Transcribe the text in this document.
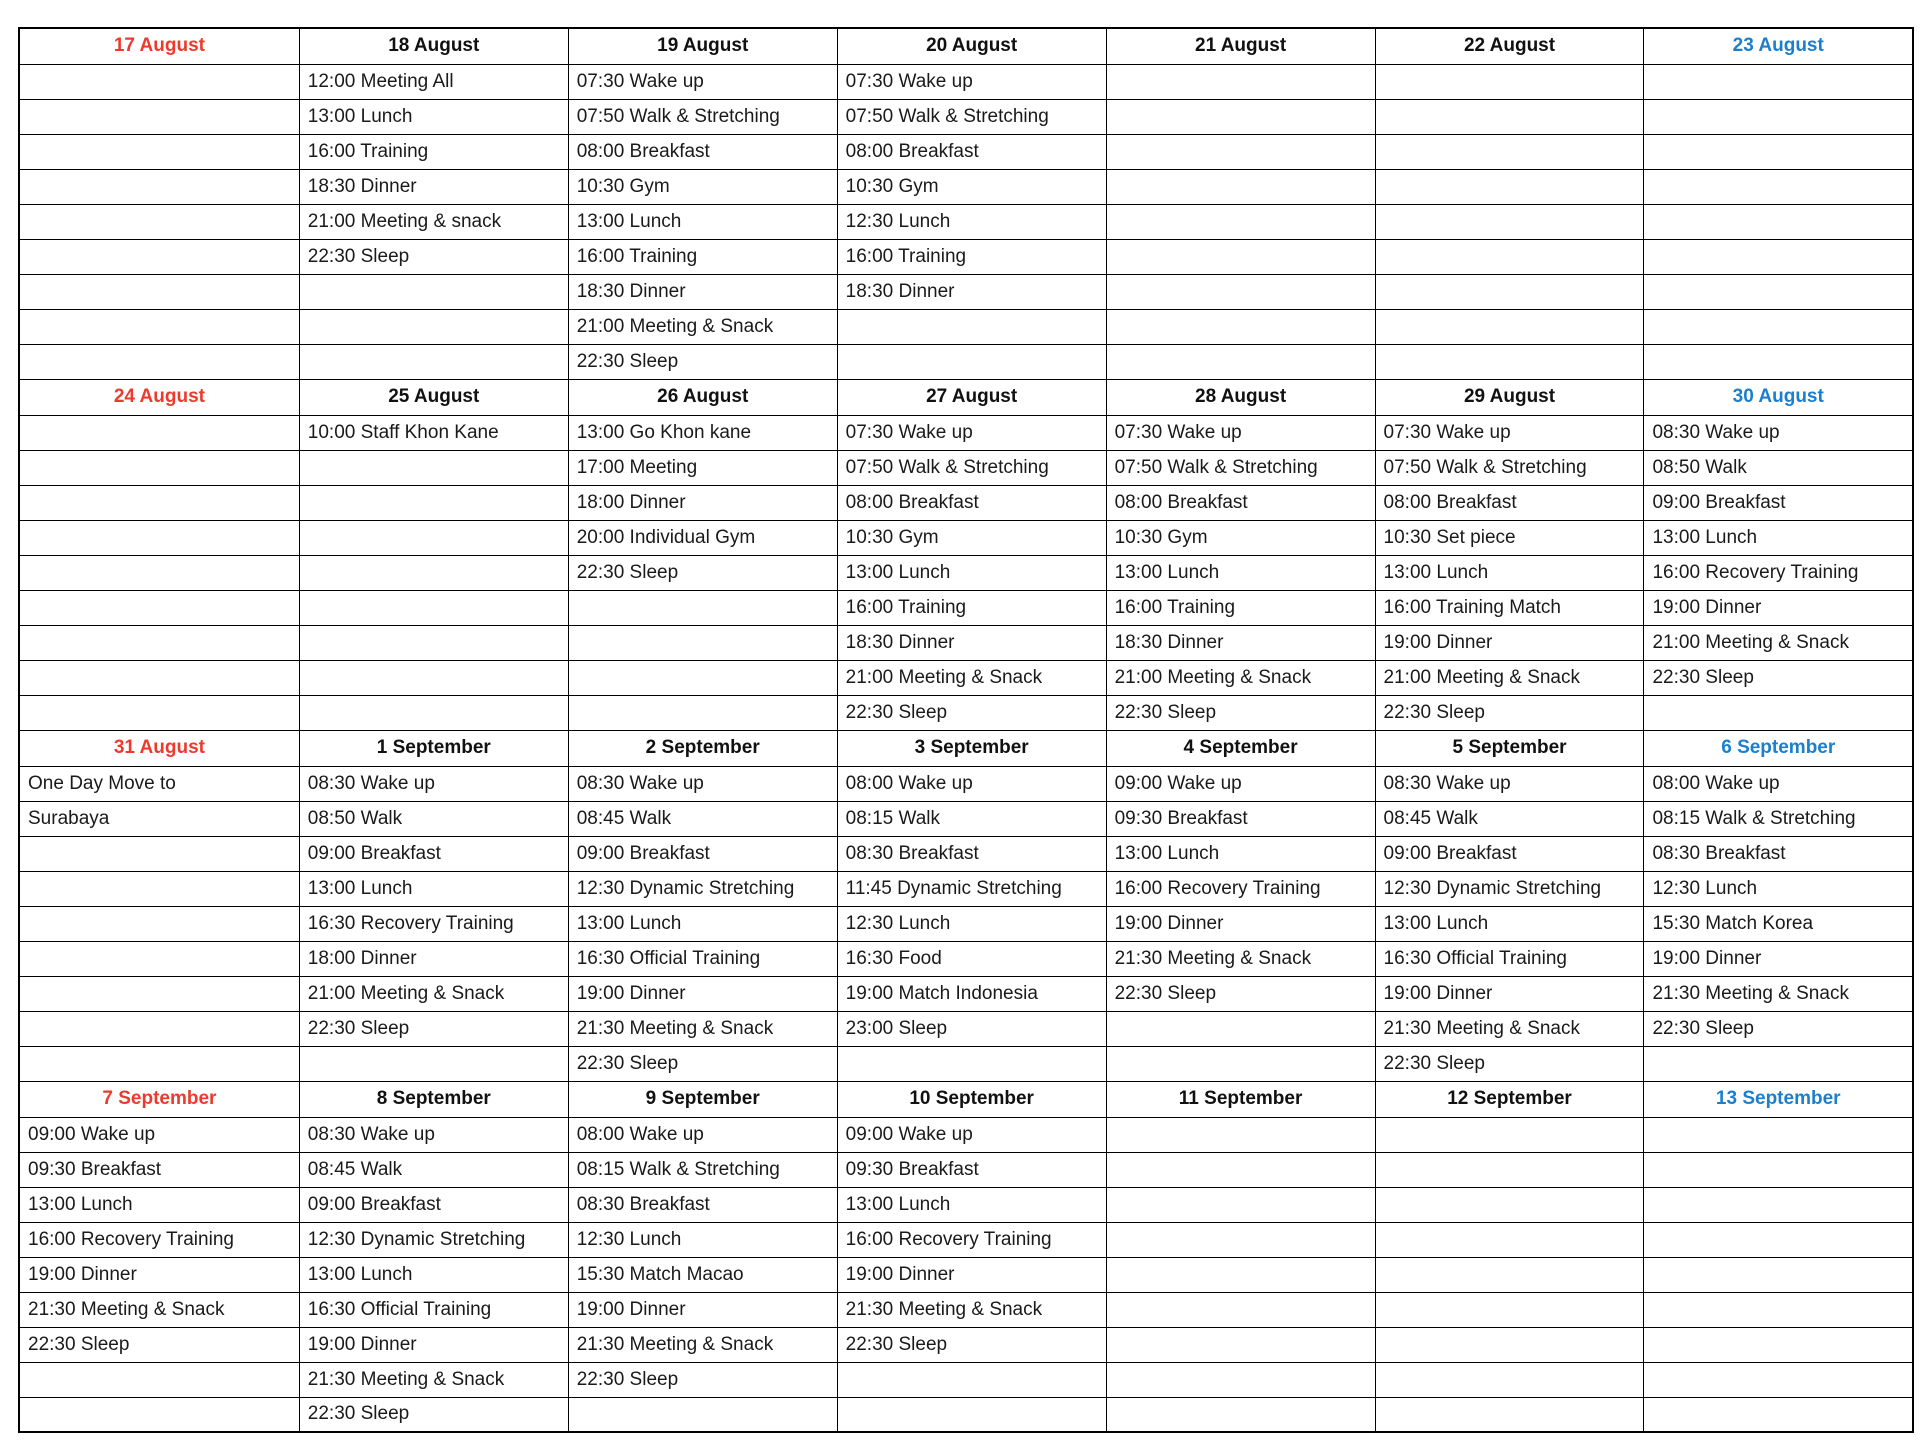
17 August	18 August	19 August	20 August	21 August	22 August	23 August
	12:00 Meeting All	07:30 Wake up	07:30 Wake up			
	13:00 Lunch	07:50 Walk & Stretching	07:50 Walk & Stretching			
	16:00 Training	08:00 Breakfast	08:00 Breakfast			
	18:30 Dinner	10:30 Gym	10:30 Gym			
	21:00 Meeting & snack	13:00 Lunch	12:30 Lunch			
	22:30 Sleep	16:00 Training	16:00 Training			
		18:30 Dinner	18:30 Dinner			
		21:00 Meeting & Snack				
		22:30 Sleep				
24 August	25 August	26 August	27 August	28 August	29 August	30 August
	10:00 Staff Khon Kane	13:00 Go Khon kane	07:30 Wake up	07:30 Wake up	07:30 Wake up	08:30 Wake up
		17:00 Meeting	07:50 Walk & Stretching	07:50 Walk & Stretching	07:50 Walk & Stretching	08:50 Walk
		18:00 Dinner	08:00 Breakfast	08:00 Breakfast	08:00 Breakfast	09:00 Breakfast
		20:00 Individual Gym	10:30 Gym	10:30 Gym	10:30 Set piece	13:00 Lunch
		22:30 Sleep	13:00 Lunch	13:00 Lunch	13:00 Lunch	16:00 Recovery Training
			16:00 Training	16:00 Training	16:00 Training Match	19:00 Dinner
			18:30 Dinner	18:30 Dinner	19:00 Dinner	21:00 Meeting & Snack
			21:00 Meeting & Snack	21:00 Meeting & Snack	21:00 Meeting & Snack	22:30 Sleep
			22:30 Sleep	22:30 Sleep	22:30 Sleep	
31 August	1 September	2 September	3 September	4 September	5 September	6 September
One Day Move to	08:30 Wake up	08:30 Wake up	08:00 Wake up	09:00 Wake up	08:30 Wake up	08:00 Wake up
Surabaya	08:50 Walk	08:45 Walk	08:15 Walk	09:30 Breakfast	08:45 Walk	08:15 Walk & Stretching
	09:00 Breakfast	09:00 Breakfast	08:30 Breakfast	13:00 Lunch	09:00 Breakfast	08:30 Breakfast
	13:00 Lunch	12:30 Dynamic Stretching	11:45 Dynamic Stretching	16:00 Recovery Training	12:30 Dynamic Stretching	12:30 Lunch
	16:30 Recovery Training	13:00 Lunch	12:30 Lunch	19:00 Dinner	13:00 Lunch	15:30 Match Korea
	18:00 Dinner	16:30 Official Training	16:30 Food	21:30 Meeting & Snack	16:30 Official Training	19:00 Dinner
	21:00 Meeting & Snack	19:00 Dinner	19:00 Match Indonesia	22:30 Sleep	19:00 Dinner	21:30 Meeting & Snack
	22:30 Sleep	21:30 Meeting & Snack	23:00 Sleep		21:30 Meeting & Snack	22:30 Sleep
		22:30 Sleep			22:30 Sleep	
7 September	8 September	9 September	10 September	11 September	12 September	13 September
09:00 Wake up	08:30 Wake up	08:00 Wake up	09:00 Wake up			
09:30 Breakfast	08:45 Walk	08:15 Walk & Stretching	09:30 Breakfast			
13:00 Lunch	09:00 Breakfast	08:30 Breakfast	13:00 Lunch			
16:00 Recovery Training	12:30 Dynamic Stretching	12:30 Lunch	16:00 Recovery Training			
19:00 Dinner	13:00 Lunch	15:30 Match Macao	19:00 Dinner			
21:30 Meeting & Snack	16:30 Official Training	19:00 Dinner	21:30 Meeting & Snack			
22:30 Sleep	19:00 Dinner	21:30 Meeting & Snack	22:30 Sleep			
	21:30 Meeting & Snack	22:30 Sleep				
	22:30 Sleep					
